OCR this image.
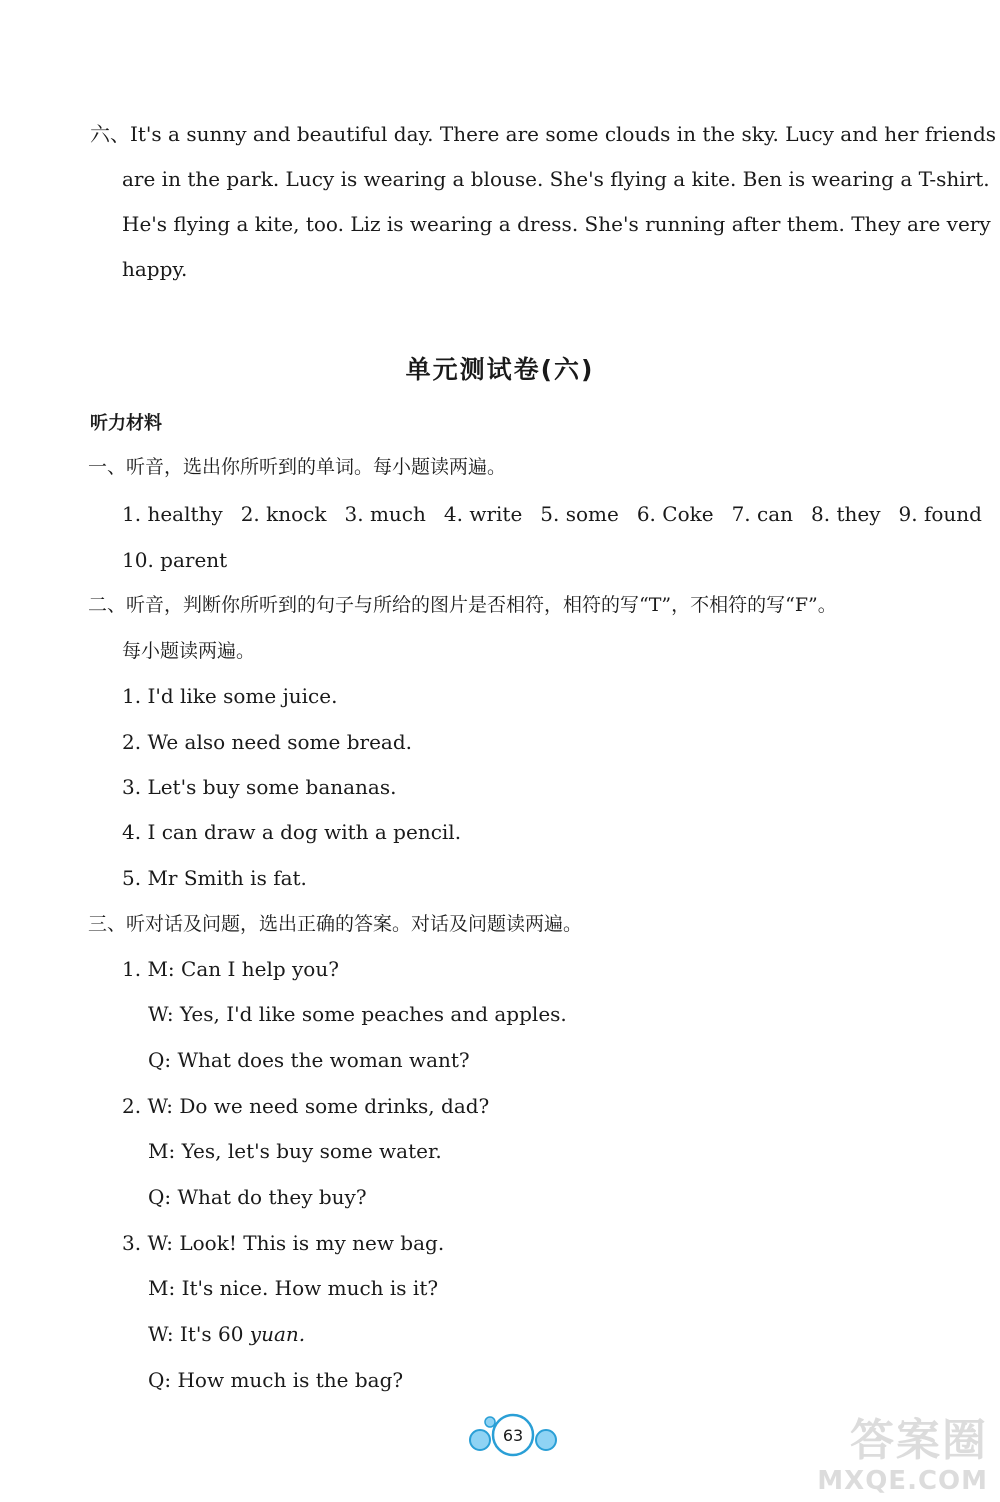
六、It's a sunny and beautiful day. There are some clouds in the sky. Lucy and her friends
are in the park. Lucy is wearing a blouse. She's flying a kite. Ben is wearing a T-shirt.
He's flying a kite, too. Liz is wearing a dress. She's running after them. They are very
happy.
单元测试卷(六)
听力材料
一、听音，选出你所听到的单词。每小题读两遍。
1. healthy 2. knock 3. much 4. write 5. some 6. Coke 7. can 8. they 9. found
10. parent
二、听音，判断你所听到的句子与所给的图片是否相符，相符的写“T”，不相符的写“F”。
每小题读两遍。
1. I'd like some juice.
2. We also need some bread.
3. Let's buy some bananas.
4. I can draw a dog with a pencil.
5. Mr Smith is fat.
三、听对话及问题，选出正确的答案。对话及问题读两遍。
1. M: Can I help you?
W: Yes, I'd like some peaches and apples.
Q: What does the woman want?
2. W: Do we need some drinks, dad?
M: Yes, let's buy some water.
Q: What do they buy?
3. W: Look! This is my new bag.
M: It's nice. How much is it?
W: It's 60 yuan.
Q: How much is the bag?
63	答案圈
MXQE.COM
